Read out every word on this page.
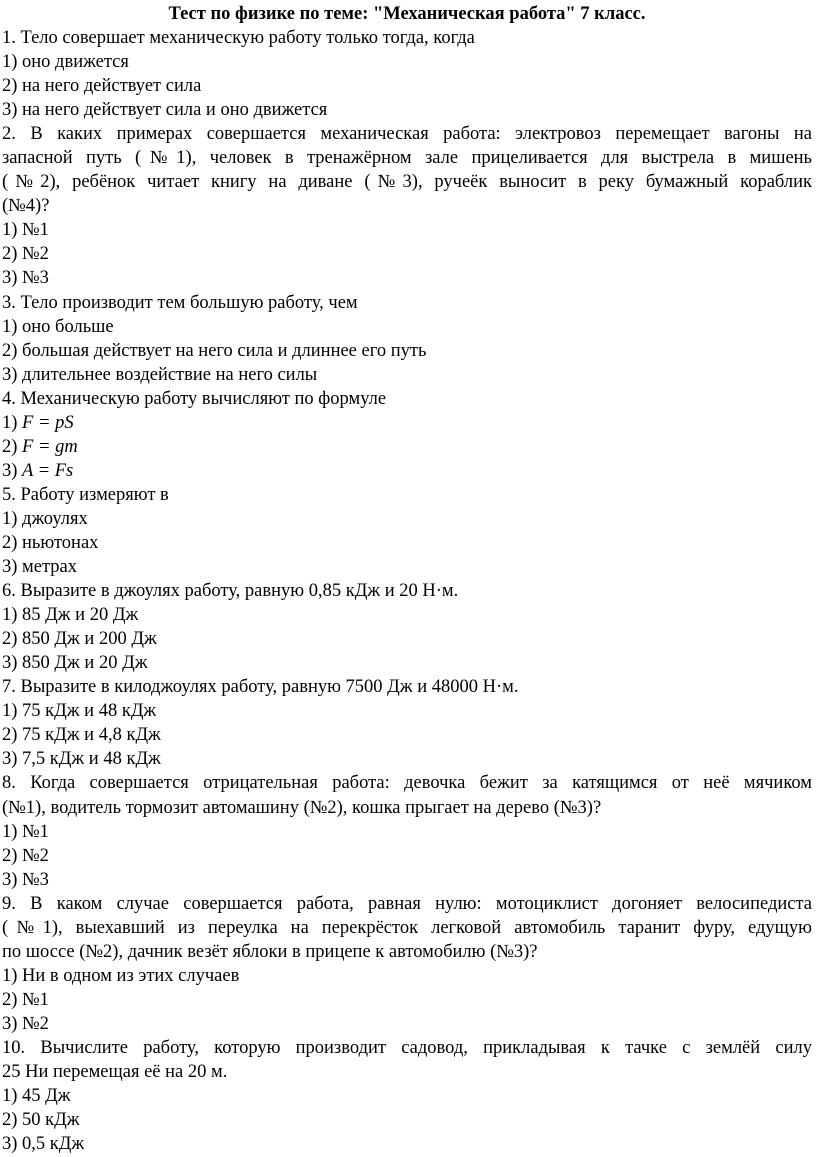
Тест по физике по теме: "Механическая работа" 7 класс.
1. Тело совершает механическую работу только тогда, когда
1) оно движется
2) на него действует сила
3) на него действует сила и оно движется
2. В каких примерах совершается механическая работа: электровоз перемещает вагоны на
запасной путь (№1), человек в тренажёрном зале прицеливается для выстрела в мишень
(№2), ребёнок читает книгу на диване (№3), ручеёк выносит в реку бумажный кораблик
(№4)?
1) №1
2) №2
3) №3
3. Тело производит тем большую работу, чем
1) оно больше
2) большая действует на него сила и длиннее его путь
3) длительнее воздействие на него силы
4. Механическую работу вычисляют по формуле
1) F = pS
2) F = gm
3) A = Fs
5. Работу измеряют в
1) джоулях
2) ньютонах
3) метрах
6. Выразите в джоулях работу, равную 0,85 кДж и 20 Н·м.
1) 85 Дж и 20 Дж
2) 850 Дж и 200 Дж
3) 850 Дж и 20 Дж
7. Выразите в килоджоулях работу, равную 7500 Дж и 48000 Н·м.
1) 75 кДж и 48 кДж
2) 75 кДж и 4,8 кДж
3) 7,5 кДж и 48 кДж
8. Когда совершается отрицательная работа: девочка бежит за катящимся от неё мячиком
(№1), водитель тормозит автомашину (№2), кошка прыгает на дерево (№3)?
1) №1
2) №2
3) №3
9. В каком случае совершается работа, равная нулю: мотоциклист догоняет велосипедиста
(№1), выехавший из переулка на перекрёсток легковой автомобиль таранит фуру, едущую
по шоссе (№2), дачник везёт яблоки в прицепе к автомобилю (№3)?
1) Ни в одном из этих случаев
2) №1
3) №2
10. Вычислите работу, которую производит садовод, прикладывая к тачке с землёй силу
25 Ни перемещая её на 20 м.
1) 45 Дж
2) 50 кДж
3) 0,5 кДж
